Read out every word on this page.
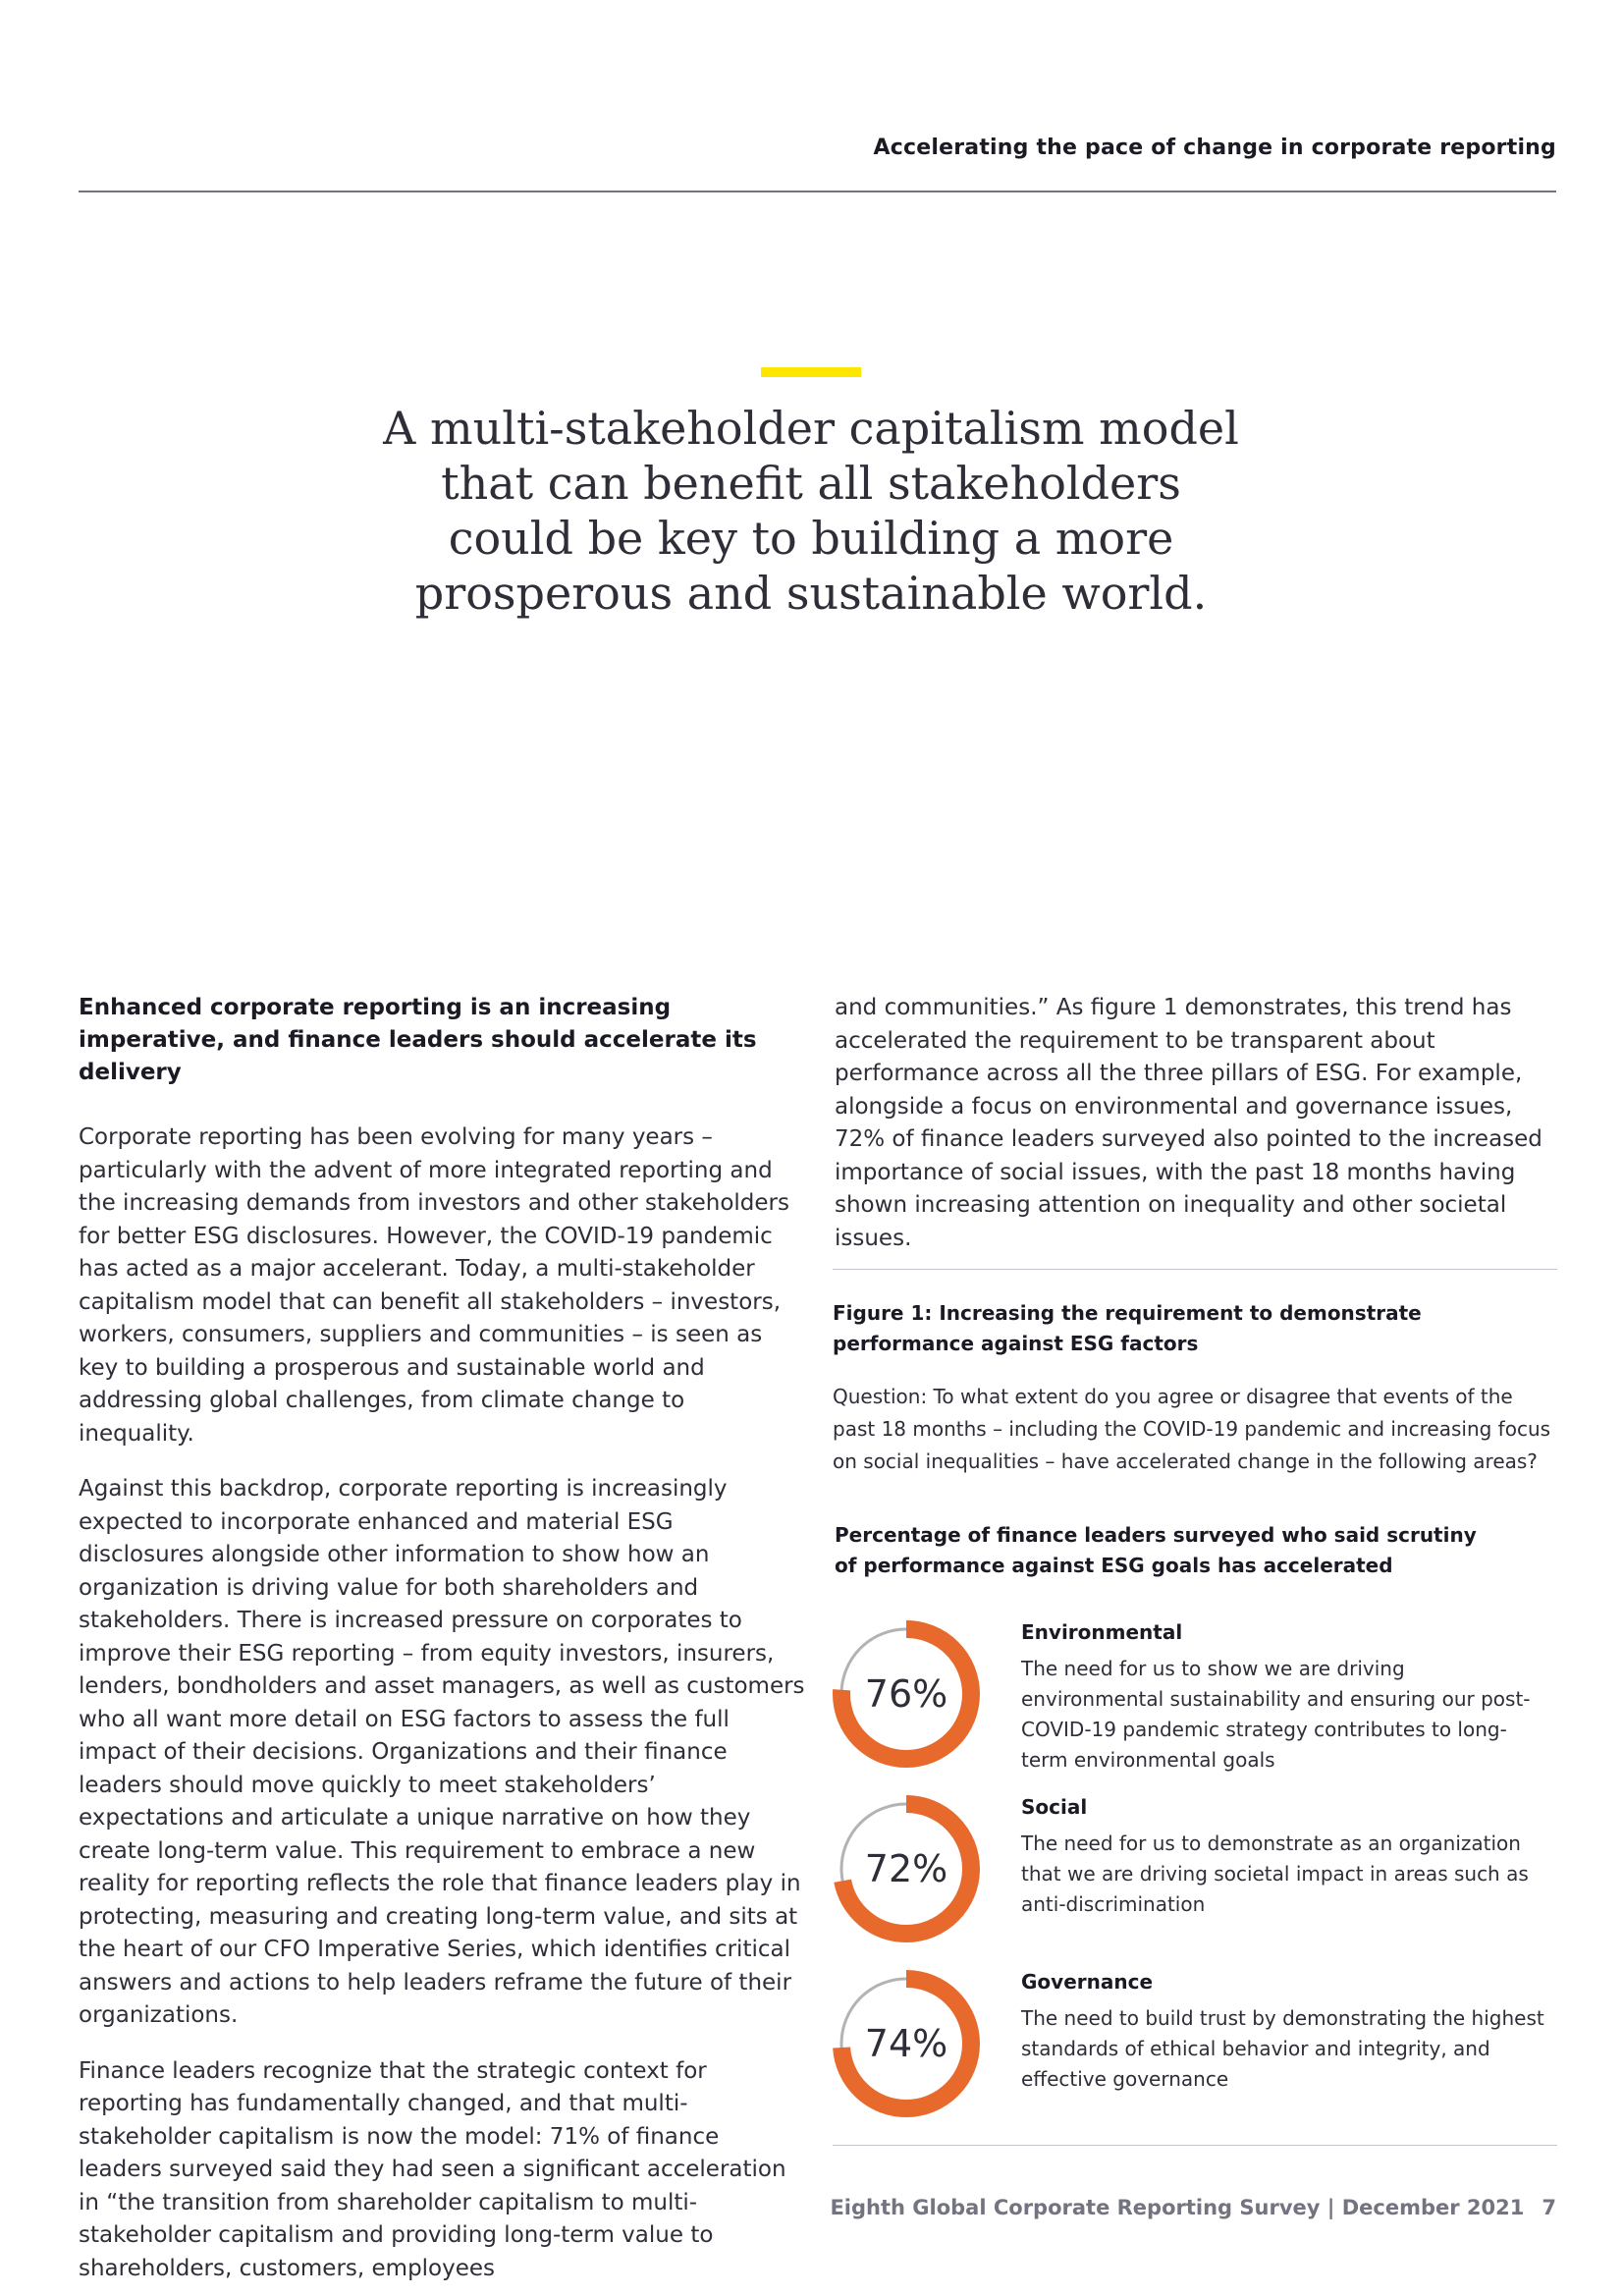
Accelerating the pace of change in corporate reporting
A multi-stakeholder capitalism model that can benefit all stakeholders could be key to building a more prosperous and sustainable world.
Enhanced corporate reporting is an increasing imperative, and finance leaders should accelerate its delivery

Corporate reporting has been evolving for many years – particularly with the advent of more integrated reporting and the increasing demands from investors and other stakeholders for better ESG disclosures. However, the COVID-19 pandemic has acted as a major accelerant. Today, a multi-stakeholder capitalism model that can benefit all stakeholders – investors, workers, consumers, suppliers and communities – is seen as key to building a prosperous and sustainable world and addressing global challenges, from climate change to inequality.

Against this backdrop, corporate reporting is increasingly expected to incorporate enhanced and material ESG disclosures alongside other information to show how an organization is driving value for both shareholders and stakeholders. There is increased pressure on corporates to improve their ESG reporting – from equity investors, insurers, lenders, bondholders and asset managers, as well as customers who all want more detail on ESG factors to assess the full impact of their decisions. Organizations and their finance leaders should move quickly to meet stakeholders’ expectations and articulate a unique narrative on how they create long-term value. This requirement to embrace a new reality for reporting reflects the role that finance leaders play in protecting, measuring and creating long-term value, and sits at the heart of our CFO Imperative Series, which identifies critical answers and actions to help leaders reframe the future of their organizations.

Finance leaders recognize that the strategic context for reporting has fundamentally changed, and that multi-stakeholder capitalism is now the model: 71% of finance leaders surveyed said they had seen a significant acceleration in “the transition from shareholder capitalism to multi-stakeholder capitalism and providing long-term value to shareholders, customers, employees

and communities.” As figure 1 demonstrates, this trend has accelerated the requirement to be transparent about performance across all the three pillars of ESG. For example, alongside a focus on environmental and governance issues, 72% of finance leaders surveyed also pointed to the increased importance of social issues, with the past 18 months having shown increasing attention on inequality and other societal issues.
Figure 1: Increasing the requirement to demonstrate performance against ESG factors
Question: To what extent do you agree or disagree that events of the past 18 months – including the COVID-19 pandemic and increasing focus on social inequalities – have accelerated change in the following areas?
Percentage of finance leaders surveyed who said scrutiny of performance against ESG goals has accelerated
76%
Environmental
The need for us to show we are driving environmental sustainability and ensuring our post-COVID-19 pandemic strategy contributes to long-term environmental goals
72%
Social
The need for us to demonstrate as an organization that we are driving societal impact in areas such as anti-discrimination
74%
Governance
The need to build trust by demonstrating the highest standards of ethical behavior and integrity, and effective governance
Eighth Global Corporate Reporting Survey | December 2021 7
